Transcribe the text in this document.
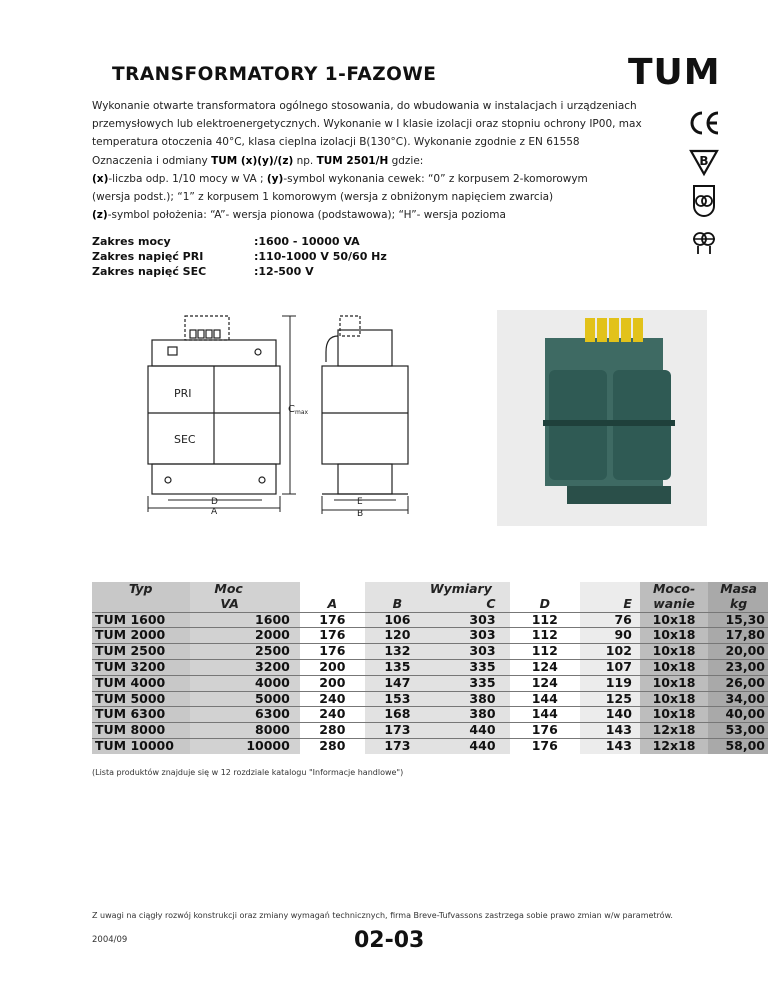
TRANSFORMATORY 1-FAZOWE	TUM

Wykonanie otwarte transformatora ogólnego stosowania, do wbudowania w instalacjach i urządzeniach

przemysłowych lub elektroenergetycznych. Wykonanie w I klasie izolacji oraz stopniu ochrony IP00, max

temperatura otoczenia 40°C, klasa cieplna izolacji B(130°C). Wykonanie zgodnie z EN 61558

Oznaczenia i odmiany TUM (x)(y)/(z) np. TUM 2501/H gdzie:

(x)-liczba odp. 1/10 mocy w VA ; (y)-symbol wykonania cewek: “0” z korpusem 2-komorowym

(wersja podst.); “1” z korpusem 1 komorowym (wersja z obniżonym napięciem zwarcia)

(z)-symbol położenia: “A”- wersja pionowa (podstawowa); “H”- wersja pozioma

Zakres mocy	:1600 - 10000 VA
Zakres napięć PRI	:110-1000 V 50/60 Hz
Zakres napięć SEC	:12-500 V
B
PRI
SEC
D
A
$C_{max}$
E
B
Typ	Moc			Wymiary			Moco-	Masa
	VA	A	B	C	D	E	wanie	kg
TUM 1600	1600	176	106	303	112	76	10x18	15,30
TUM 2000	2000	176	120	303	112	90	10x18	17,80
TUM 2500	2500	176	132	303	112	102	10x18	20,00
TUM 3200	3200	200	135	335	124	107	10x18	23,00
TUM 4000	4000	200	147	335	124	119	10x18	26,00
TUM 5000	5000	240	153	380	144	125	10x18	34,00
TUM 6300	6300	240	168	380	144	140	10x18	40,00
TUM 8000	8000	280	173	440	176	143	12x18	53,00
TUM 10000	10000	280	173	440	176	143	12x18	58,00
(Lista produktów znajduje się w 12 rozdziale katalogu "Informacje handlowe")
Z uwagi na ciągły rozwój konstrukcji oraz zmiany wymagań technicznych, firma Breve-Tufvassons zastrzega sobie prawo zmian w/w parametrów.
2004/09	02-03
